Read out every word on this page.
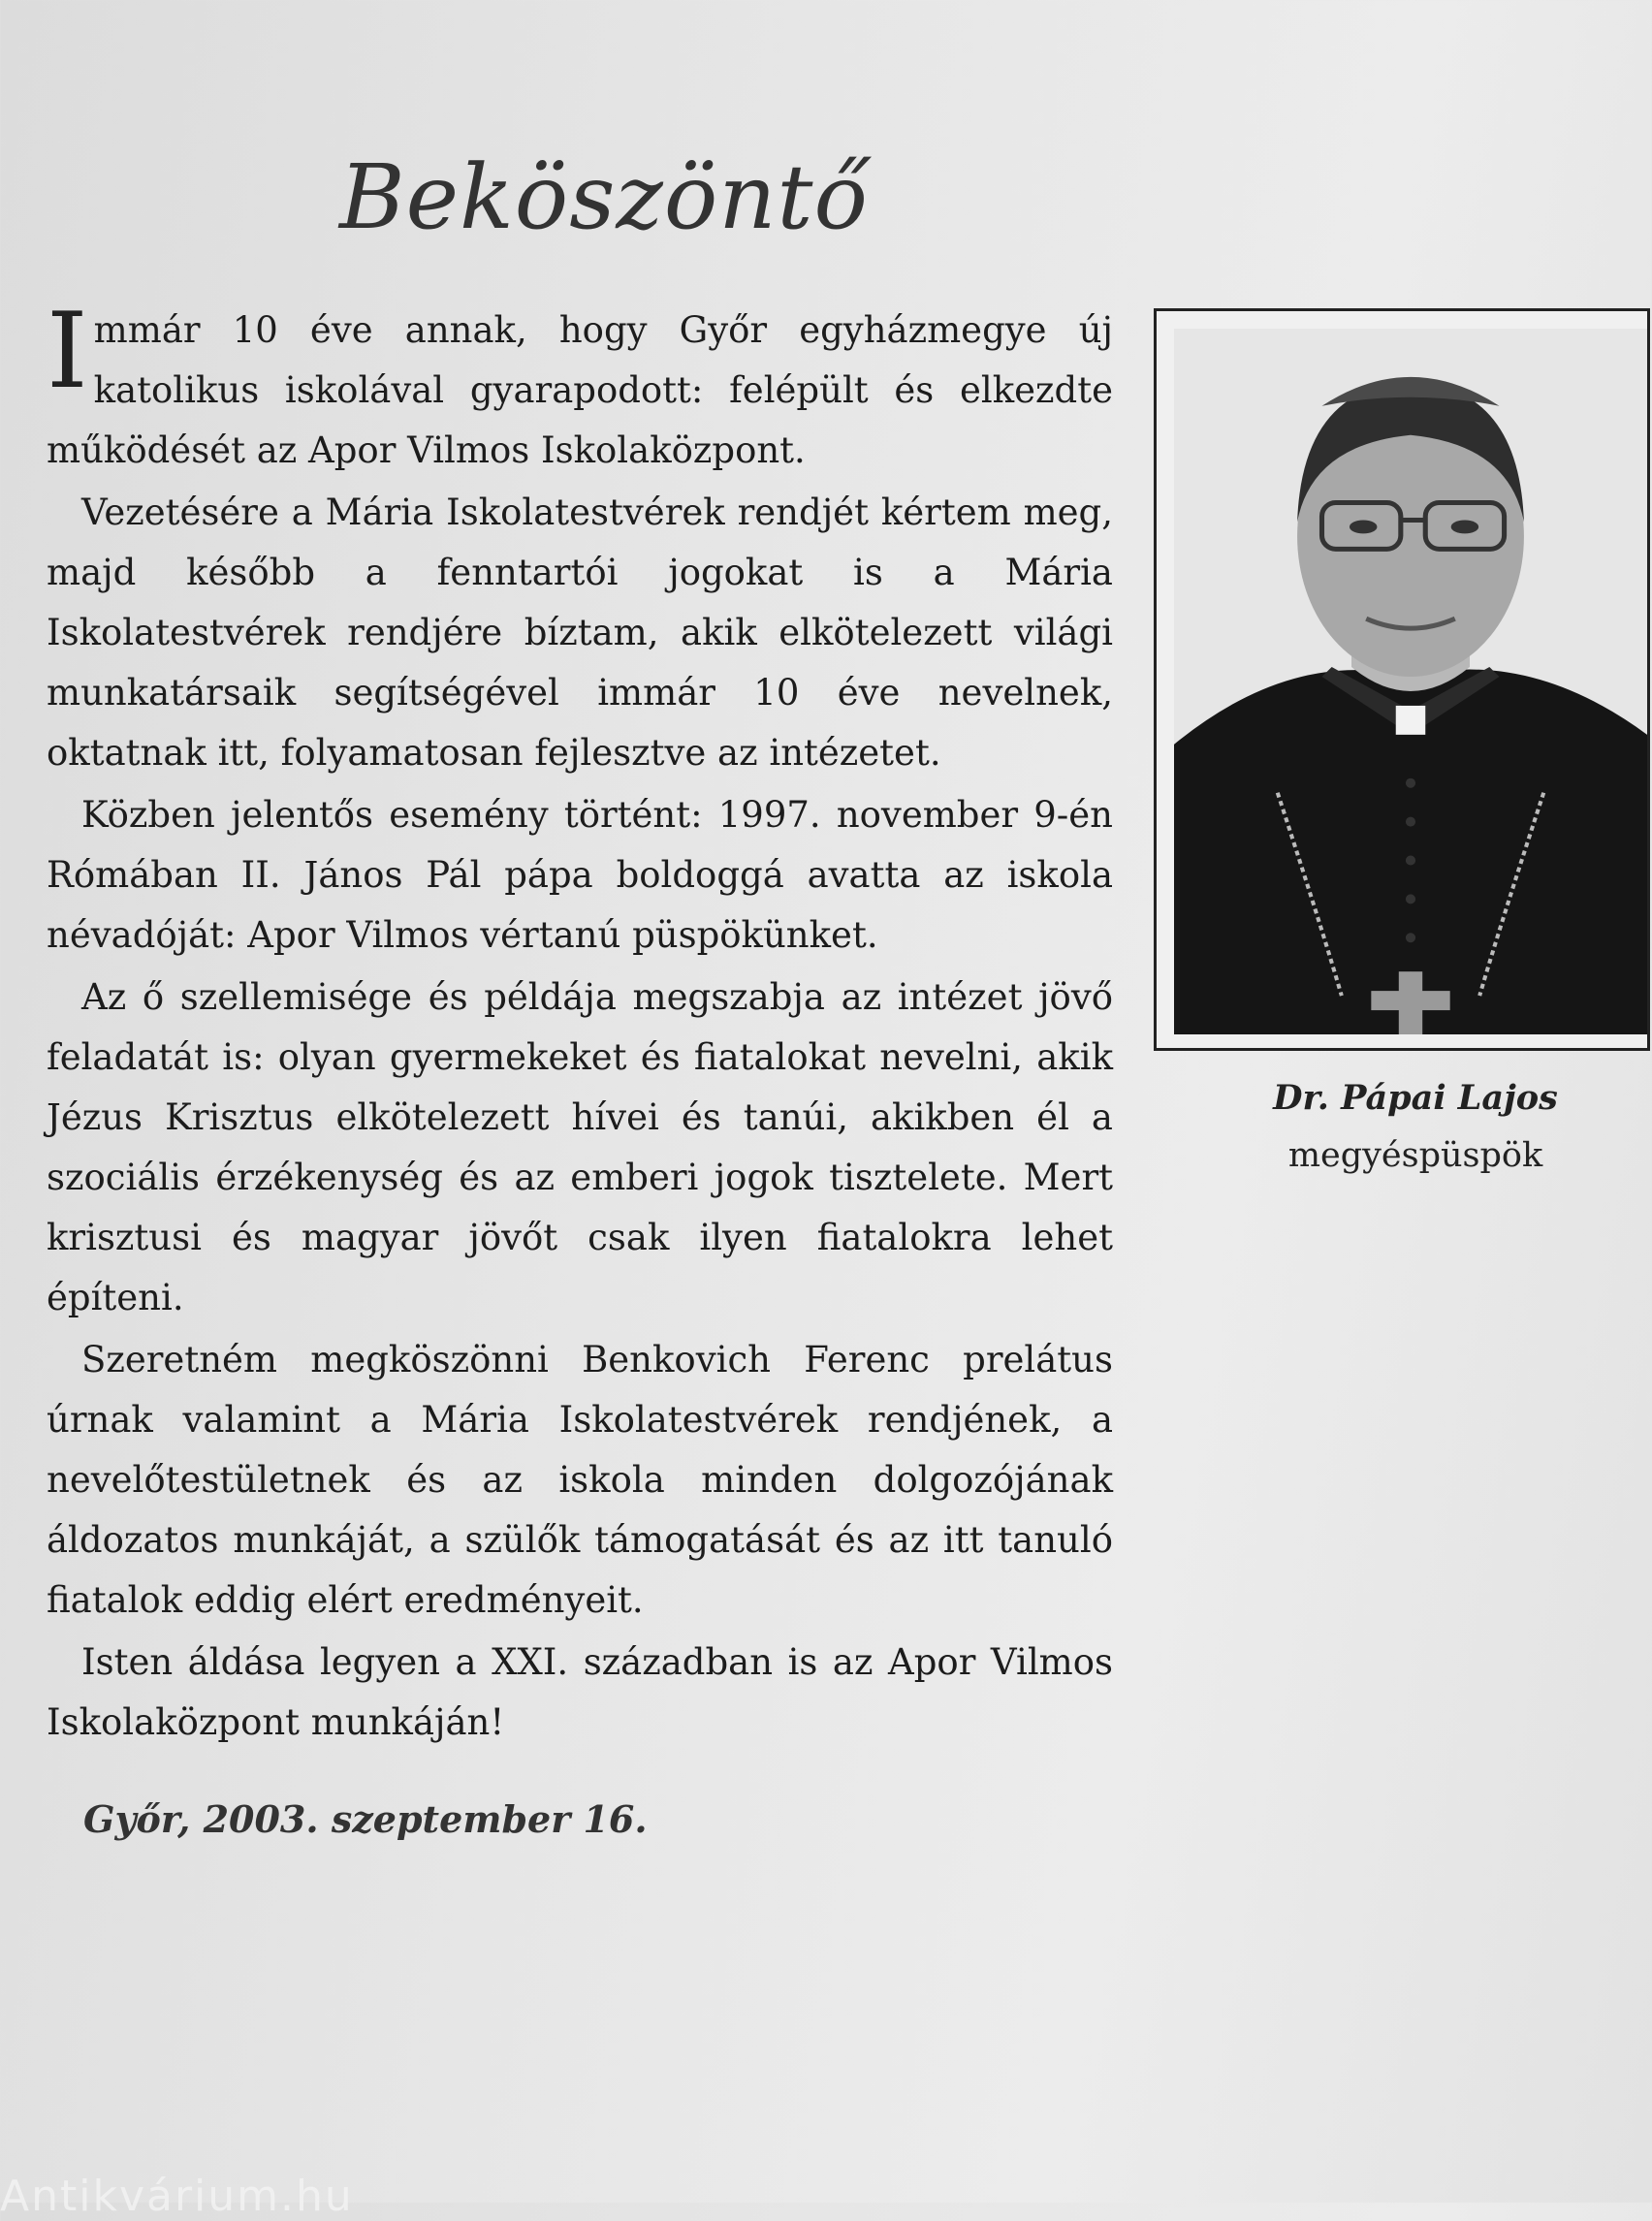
Beköszöntő

Immár 10 éve annak, hogy Győr egyházmegye új katolikus iskolával gyarapodott: felépült és elkezdte működését az Apor Vilmos Iskolaközpont.

Vezetésére a Mária Iskolatestvérek rendjét kértem meg, majd később a fenntartói jogokat is a Mária Iskolatestvérek rendjére bíztam, akik elkötelezett világi munkatársaik segítségével immár 10 éve nevelnek, oktatnak itt, folyamatosan fejlesztve az intézetet.

Közben jelentős esemény történt: 1997. november 9-én Rómában II. János Pál pápa boldoggá avatta az iskola névadóját: Apor Vilmos vértanú püspökünket.

Az ő szellemisége és példája megszabja az intézet jövő feladatát is: olyan gyermekeket és fiatalokat nevelni, akik Jézus Krisztus elkötelezett hívei és tanúi, akikben él a szociális érzékenység és az emberi jogok tisztelete. Mert krisztusi és magyar jövőt csak ilyen fiatalokra lehet építeni.

Szeretném megköszönni Benkovich Ferenc prelátus úrnak valamint a Mária Iskolatestvérek rendjének, a nevelőtestületnek és az iskola minden dolgozójának áldozatos munkáját, a szülők támogatását és az itt tanuló fiatalok eddig elért eredményeit.

Isten áldása legyen a XXI. században is az Apor Vilmos Iskolaközpont munkáján!

Dr. Pápai Lajos
megyéspüspök
Győr, 2003. szeptember 16.
Antikvárium.hu
